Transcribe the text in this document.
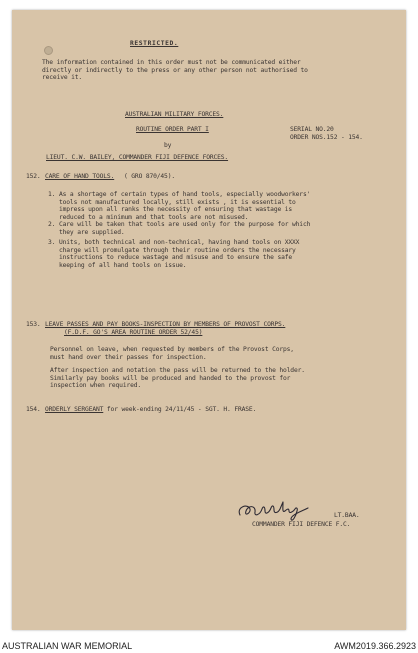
RESTRICTED.
The information contained in this order must not be communicated either
directly or indirectly to the press or any other person not authorised to
receive it.
AUSTRALIAN MILITARY FORCES.
ROUTINE ORDER PART I	SERIAL NO.20
ORDER NOS.152 - 154.
by
LIEUT. C.W. BAILEY, COMMANDER FIJI DEFENCE FORCES.
152. CARE OF HAND TOOLS. ( GRO 870/45).
1. As a shortage of certain types of hand tools, especially woodworkers'
tools not manufactured locally, still exists , it is essential to
impress upon all ranks the necessity of ensuring that wastage is
reduced to a minimum and that tools are not misused.
2. Care will be taken that tools are used only for the purpose for which
they are supplied.
3. Units, both technical and non-technical, having hand tools on XXXX
charge will promulgate through their routine orders the necessary
instructions to reduce wastage and misuse and to ensure the safe
keeping of all hand tools on issue.
153. LEAVE PASSES AND PAY BOOKS-INSPECTION BY MEMBERS OF PROVOST CORPS.
(F.D.F. GO'S AREA ROUTINE ORDER 52/45)
Personnel on leave, when requested by members of the Provost Corps,
must hand over their passes for inspection.
After inspection and notation the pass will be returned to the holder.
Similarly pay books will be produced and handed to the provost for
inspection when required.
154. ORDERLY SERGEANT for week-ending 24/11/45 - SGT. H. FRASE.
LT.BAA.
COMMANDER FIJI DEFENCE F.C.
AUSTRALIAN WAR MEMORIAL	AWM2019.366.2923
